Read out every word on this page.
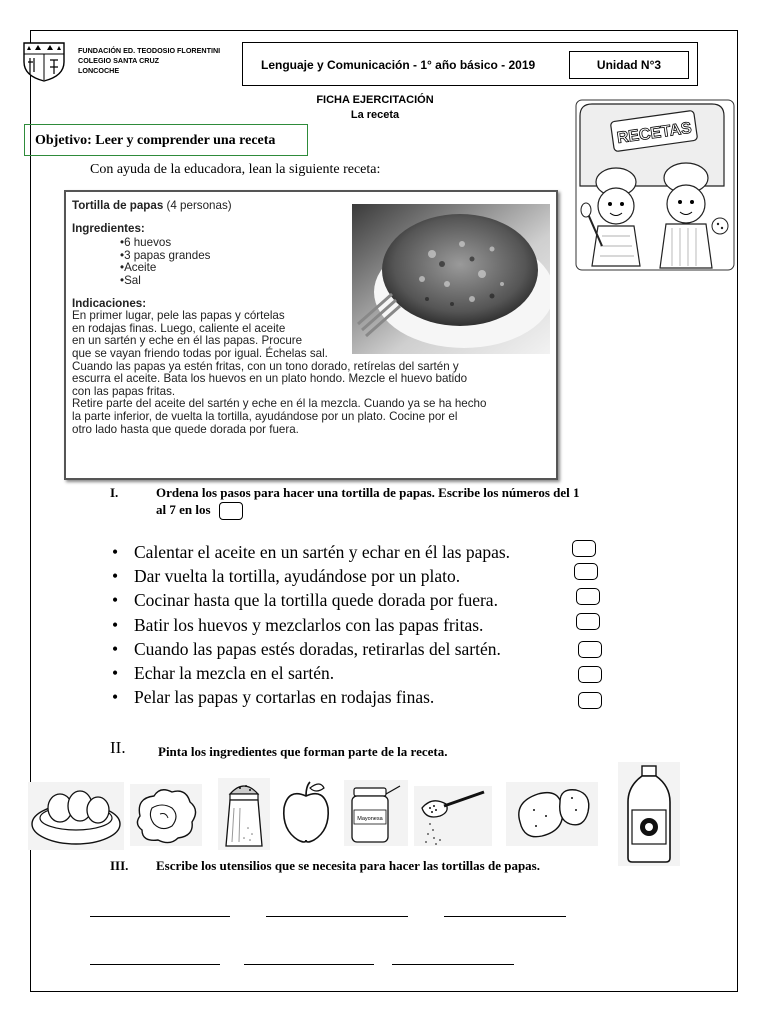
FUNDACIÓN ED. TEODOSIO FLORENTINI
COLEGIO SANTA CRUZ
LONCOCHE	Lenguaje y Comunicación - 1° año básico - 2019	Unidad N°3
FICHA EJERCITACIÓN
La receta
Objetivo: Leer y comprender una receta
Con ayuda de la educadora, lean la siguiente receta:
RECETAS
Tortilla de papas (4 personas)
Ingredientes:
• 6 huevos
• 3 papas grandes
• Aceite
• Sal
Indicaciones:
En primer lugar, pele las papas y córtelas
en rodajas finas. Luego, caliente el aceite
en un sartén y eche en él las papas. Procure
que se vayan friendo todas por igual. Échelas sal.
Cuando las papas ya estén fritas, con un tono dorado, retírelas del sartén y
escurra el aceite. Bata los huevos en un plato hondo. Mezcle el huevo batido
con las papas fritas.
Retire parte del aceite del sartén y eche en él la mezcla. Cuando ya se ha hecho
la parte inferior, de vuelta la tortilla, ayudándose por un plato. Cocine por el
otro lado hasta que quede dorada por fuera.
I.	Ordena los pasos para hacer una tortilla de papas. Escribe los números del 1
al 7 en los
• Calentar el aceite en un sartén y echar en él las papas.
• Dar vuelta la tortilla, ayudándose por un plato.
• Cocinar hasta que la tortilla quede dorada por fuera.
• Batir los huevos y mezclarlos con las papas fritas.
• Cuando las papas estés doradas, retirarlas del sartén.
• Echar la mezcla en el sartén.
• Pelar las papas y cortarlas en rodajas finas.
II. Pinta los ingredientes que forman parte de la receta.
Mayonesa
III. Escribe los utensilios que se necesita para hacer las tortillas de papas.
